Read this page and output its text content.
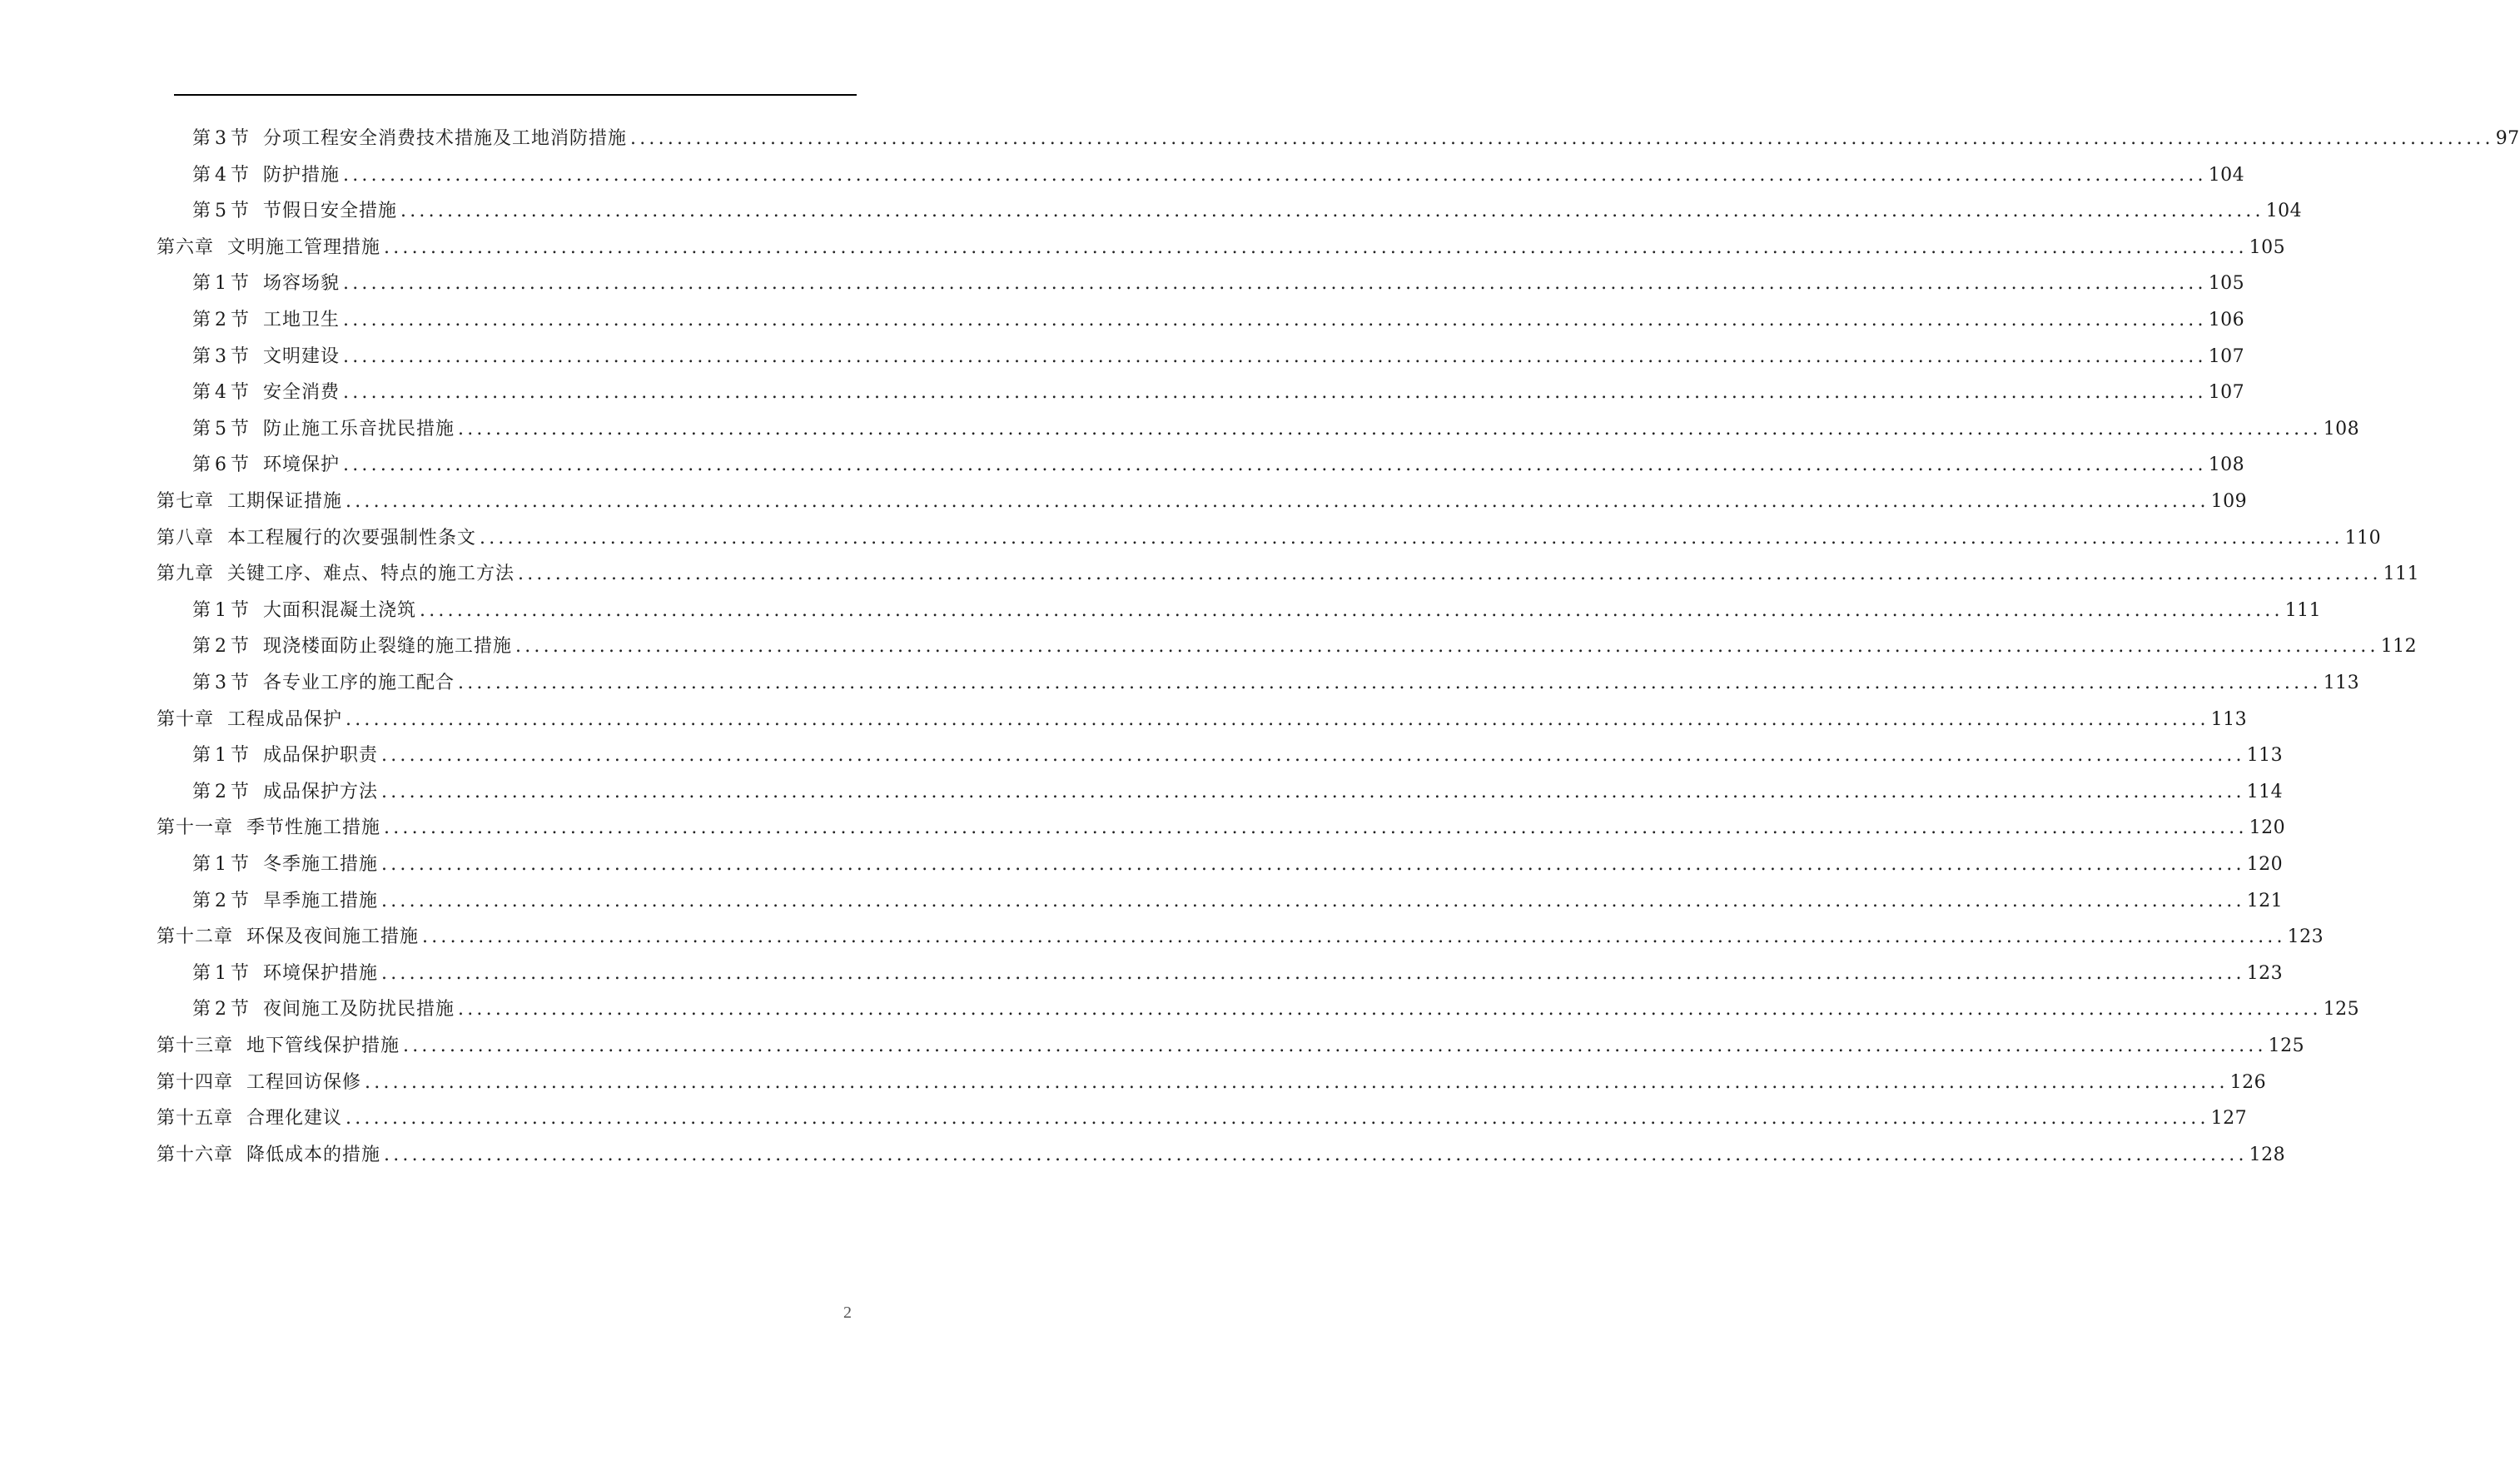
第 3 节 分项工程安全消费技术措施及工地消防措施 ........................................................................................................................................................................................................ 97
第 4 节 防护措施 ........................................................................................................................................................................................................ 104
第 5 节 节假日安全措施 ........................................................................................................................................................................................................ 104
第六章 文明施工管理措施 ........................................................................................................................................................................................................ 105
第 1 节 场容场貌 ........................................................................................................................................................................................................ 105
第 2 节 工地卫生 ........................................................................................................................................................................................................ 106
第 3 节 文明建设 ........................................................................................................................................................................................................ 107
第 4 节 安全消费 ........................................................................................................................................................................................................ 107
第 5 节 防止施工乐音扰民措施 ........................................................................................................................................................................................................ 108
第 6 节 环境保护 ........................................................................................................................................................................................................ 108
第七章 工期保证措施 ........................................................................................................................................................................................................ 109
第八章 本工程履行的次要强制性条文 ........................................................................................................................................................................................................ 110
第九章 关键工序、难点、特点的施工方法 ........................................................................................................................................................................................................ 111
第 1 节 大面积混凝土浇筑 ........................................................................................................................................................................................................ 111
第 2 节 现浇楼面防止裂缝的施工措施 ........................................................................................................................................................................................................ 112
第 3 节 各专业工序的施工配合 ........................................................................................................................................................................................................ 113
第十章 工程成品保护 ........................................................................................................................................................................................................ 113
第 1 节 成品保护职责 ........................................................................................................................................................................................................ 113
第 2 节 成品保护方法 ........................................................................................................................................................................................................ 114
第十一章 季节性施工措施 ........................................................................................................................................................................................................ 120
第 1 节 冬季施工措施 ........................................................................................................................................................................................................ 120
第 2 节 旱季施工措施 ........................................................................................................................................................................................................ 121
第十二章 环保及夜间施工措施 ........................................................................................................................................................................................................ 123
第 1 节 环境保护措施 ........................................................................................................................................................................................................ 123
第 2 节 夜间施工及防扰民措施 ........................................................................................................................................................................................................ 125
第十三章 地下管线保护措施 ........................................................................................................................................................................................................ 125
第十四章 工程回访保修 ........................................................................................................................................................................................................ 126
第十五章 合理化建议 ........................................................................................................................................................................................................ 127
第十六章 降低成本的措施 ........................................................................................................................................................................................................ 128
2
